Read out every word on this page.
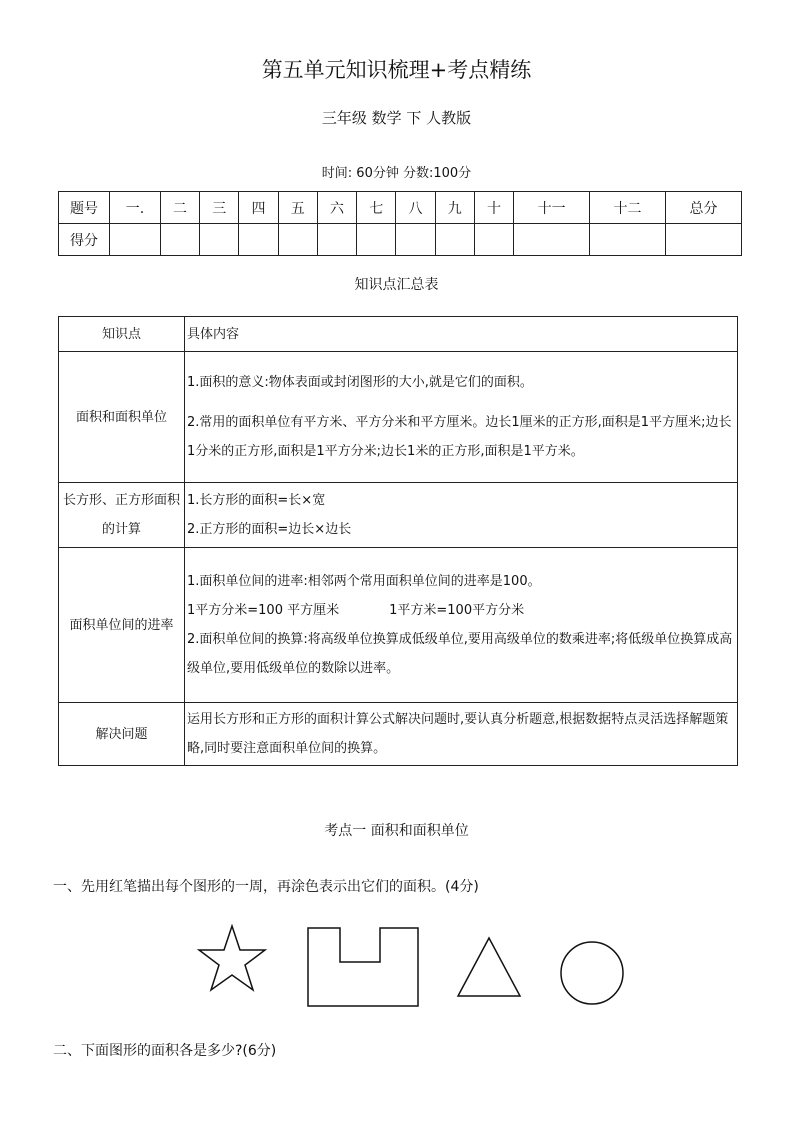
第五单元知识梳理+考点精练
三年级 数学 下 人教版
时间: 60分钟 分数:100分
题号	一.	二	三	四	五	六	七	八	九	十	十一	十二	总分
得分													
知识点汇总表
知识点	具体内容
面积和面积单位	1.面积的意义:物体表面或封闭图形的大小,就是它们的面积。

2.常用的面积单位有平方米、平方分米和平方厘米。边长1厘米的正方形,面积是1平方厘米;边长1分米的正方形,面积是1平方分米;边长1米的正方形,面积是1平方米。

长方形、正方形面积的计算	1.长方形的面积=长×宽

2.正方形的面积=边长×边长

面积单位间的进率	1.面积单位间的进率:相邻两个常用面积单位间的进率是100。

1平方分米=100 平方厘米 1平方米=100平方分米

2.面积单位间的换算:将高级单位换算成低级单位,要用高级单位的数乘进率;将低级单位换算成高级单位,要用低级单位的数除以进率。

解决问题	运用长方形和正方形的面积计算公式解决问题时,要认真分析题意,根据数据特点灵活选择解题策略,同时要注意面积单位间的换算。

考点一 面积和面积单位
一、先用红笔描出每个图形的一周，再涂色表示出它们的面积。(4分)
二、下面图形的面积各是多少?(6分)
